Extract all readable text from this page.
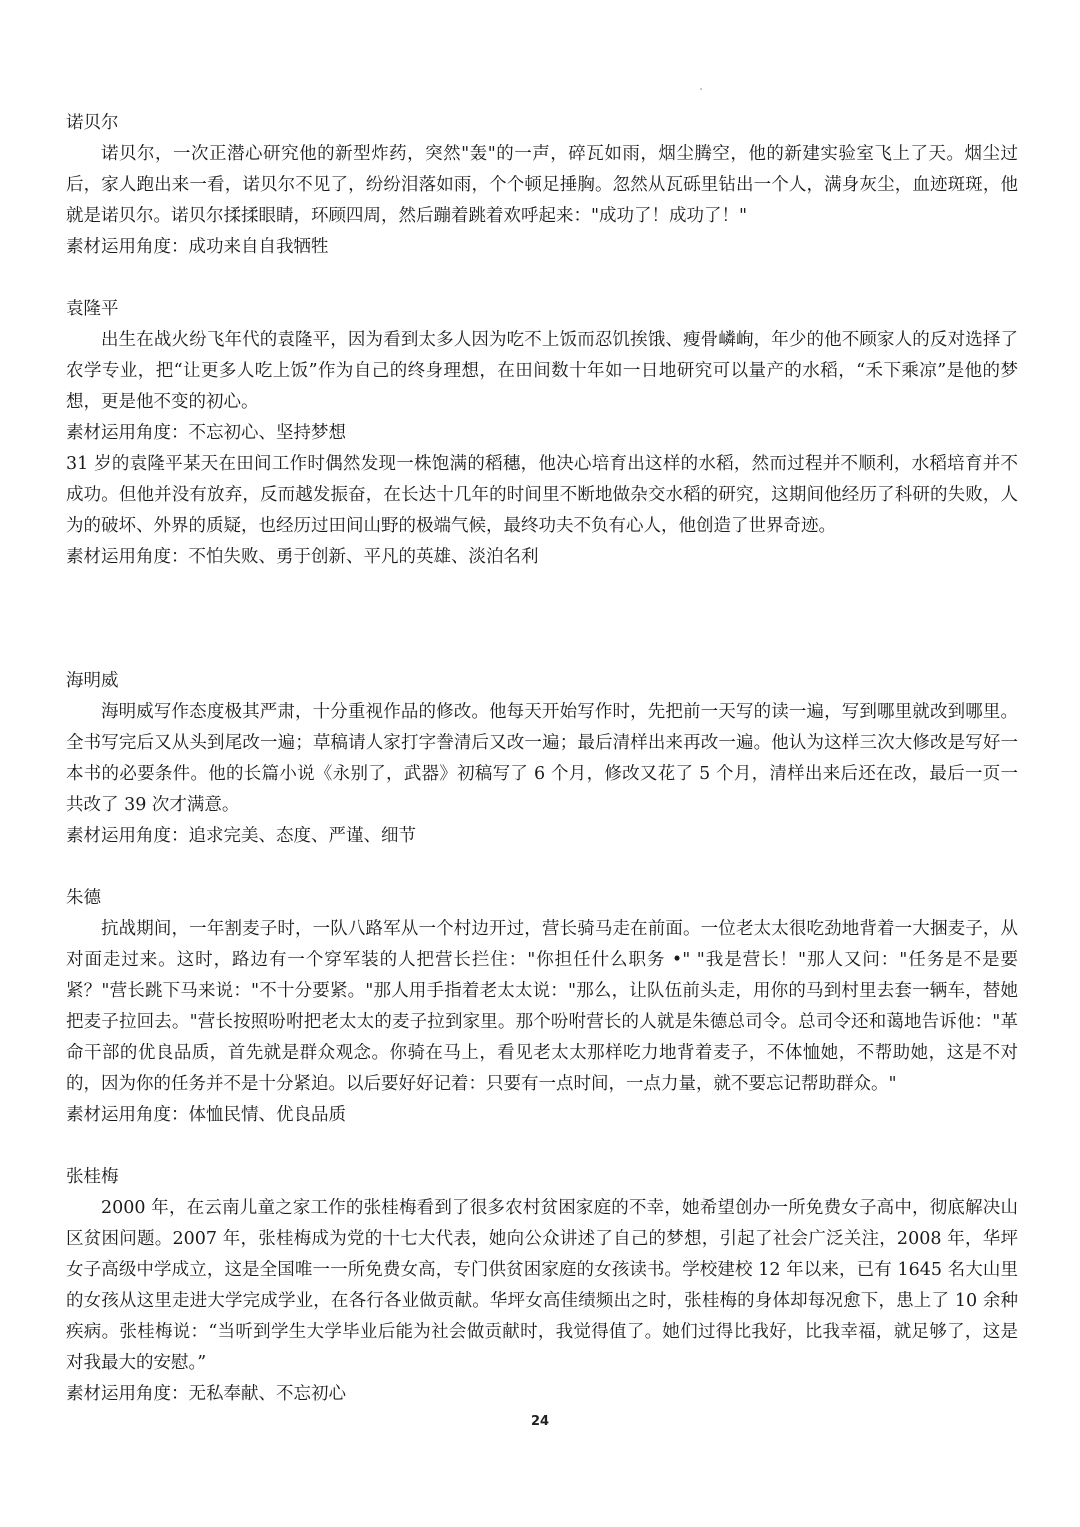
诺贝尔

诺贝尔，一次正潜心研究他的新型炸药，突然"轰"的一声，碎瓦如雨，烟尘腾空，他的新建实验室飞上了天。烟尘过后，家人跑出来一看，诺贝尔不见了，纷纷泪落如雨，个个顿足捶胸。忽然从瓦砾里钻出一个人，满身灰尘，血迹斑斑，他就是诺贝尔。诺贝尔揉揉眼睛，环顾四周，然后蹦着跳着欢呼起来："成功了！成功了！"

素材运用角度：成功来自自我牺牲

袁隆平

出生在战火纷飞年代的袁隆平，因为看到太多人因为吃不上饭而忍饥挨饿、瘦骨嶙峋，年少的他不顾家人的反对选择了农学专业，把“让更多人吃上饭”作为自己的终身理想，在田间数十年如一日地研究可以量产的水稻，“禾下乘凉”是他的梦想，更是他不变的初心。

素材运用角度：不忘初心、坚持梦想

31 岁的袁隆平某天在田间工作时偶然发现一株饱满的稻穗，他决心培育出这样的水稻，然而过程并不顺利，水稻培育并不成功。但他并没有放弃，反而越发振奋，在长达十几年的时间里不断地做杂交水稻的研究，这期间他经历了科研的失败，人为的破坏、外界的质疑，也经历过田间山野的极端气候，最终功夫不负有心人，他创造了世界奇迹。

素材运用角度：不怕失败、勇于创新、平凡的英雄、淡泊名利

海明威

海明威写作态度极其严肃，十分重视作品的修改。他每天开始写作时，先把前一天写的读一遍，写到哪里就改到哪里。全书写完后又从头到尾改一遍；草稿请人家打字誊清后又改一遍；最后清样出来再改一遍。他认为这样三次大修改是写好一本书的必要条件。他的长篇小说《永别了，武器》初稿写了 6 个月，修改又花了 5 个月，清样出来后还在改，最后一页一共改了 39 次才满意。

素材运用角度：追求完美、态度、严谨、细节

朱德

抗战期间，一年割麦子时，一队八路军从一个村边开过，营长骑马走在前面。一位老太太很吃劲地背着一大捆麦子，从对面走过来。这时，路边有一个穿军装的人把营长拦住："你担任什么职务 •" "我是营长！"那人又问："任务是不是要紧？"营长跳下马来说："不十分要紧。"那人用手指着老太太说："那么，让队伍前头走，用你的马到村里去套一辆车，替她把麦子拉回去。"营长按照吩咐把老太太的麦子拉到家里。那个吩咐营长的人就是朱德总司令。总司令还和蔼地告诉他："革命干部的优良品质，首先就是群众观念。你骑在马上，看见老太太那样吃力地背着麦子，不体恤她，不帮助她，这是不对的，因为你的任务并不是十分紧迫。以后要好好记着：只要有一点时间，一点力量，就不要忘记帮助群众。"

素材运用角度：体恤民情、优良品质

张桂梅

2000 年，在云南儿童之家工作的张桂梅看到了很多农村贫困家庭的不幸，她希望创办一所免费女子高中，彻底解决山区贫困问题。2007 年，张桂梅成为党的十七大代表，她向公众讲述了自己的梦想，引起了社会广泛关注，2008 年，华坪女子高级中学成立，这是全国唯一一所免费女高，专门供贫困家庭的女孩读书。学校建校 12 年以来，已有 1645 名大山里的女孩从这里走进大学完成学业，在各行各业做贡献。华坪女高佳绩频出之时，张桂梅的身体却每况愈下，患上了 10 余种疾病。张桂梅说：“当听到学生大学毕业后能为社会做贡献时，我觉得值了。她们过得比我好，比我幸福，就足够了，这是对我最大的安慰。”

素材运用角度：无私奉献、不忘初心

24
